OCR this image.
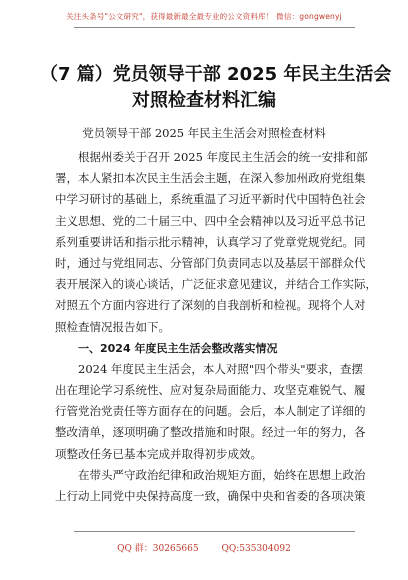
关注头条号"公文研究"，获得最新最全最专业的公文资料库！ 微信：gongwenyj
（7 篇）党员领导干部 2025 年民主生活会
对照检查材料汇编
党员领导干部 2025 年民主生活会对照检查材料
根据州委关于召开 2025 年度民主生活会的统一安排和部
署，本人紧扣本次民主生活会主题，在深入参加州政府党组集
中学习研讨的基础上，系统重温了习近平新时代中国特色社会
主义思想、党的二十届三中、四中全会精神以及习近平总书记
系列重要讲话和指示批示精神，认真学习了党章党规党纪。同
时，通过与党组同志、分管部门负责同志以及基层干部群众代
表开展深入的谈心谈话，广泛征求意见建议，并结合工作实际，
对照五个方面内容进行了深刻的自我剖析和检视。现将个人对
照检查情况报告如下。
一、2024 年度民主生活会整改落实情况
2024 年度民主生活会，本人对照"四个带头"要求，查摆
出在理论学习系统性、应对复杂局面能力、攻坚克难锐气、履
行管党治党责任等方面存在的问题。会后，本人制定了详细的
整改清单，逐项明确了整改措施和时限。经过一年的努力，各
项整改任务已基本完成并取得初步成效。
在带头严守政治纪律和政治规矩方面，始终在思想上政治
上行动上同党中央保持高度一致，确保中央和省委的各项决策
QQ 群：30265665	QQ:535304092
